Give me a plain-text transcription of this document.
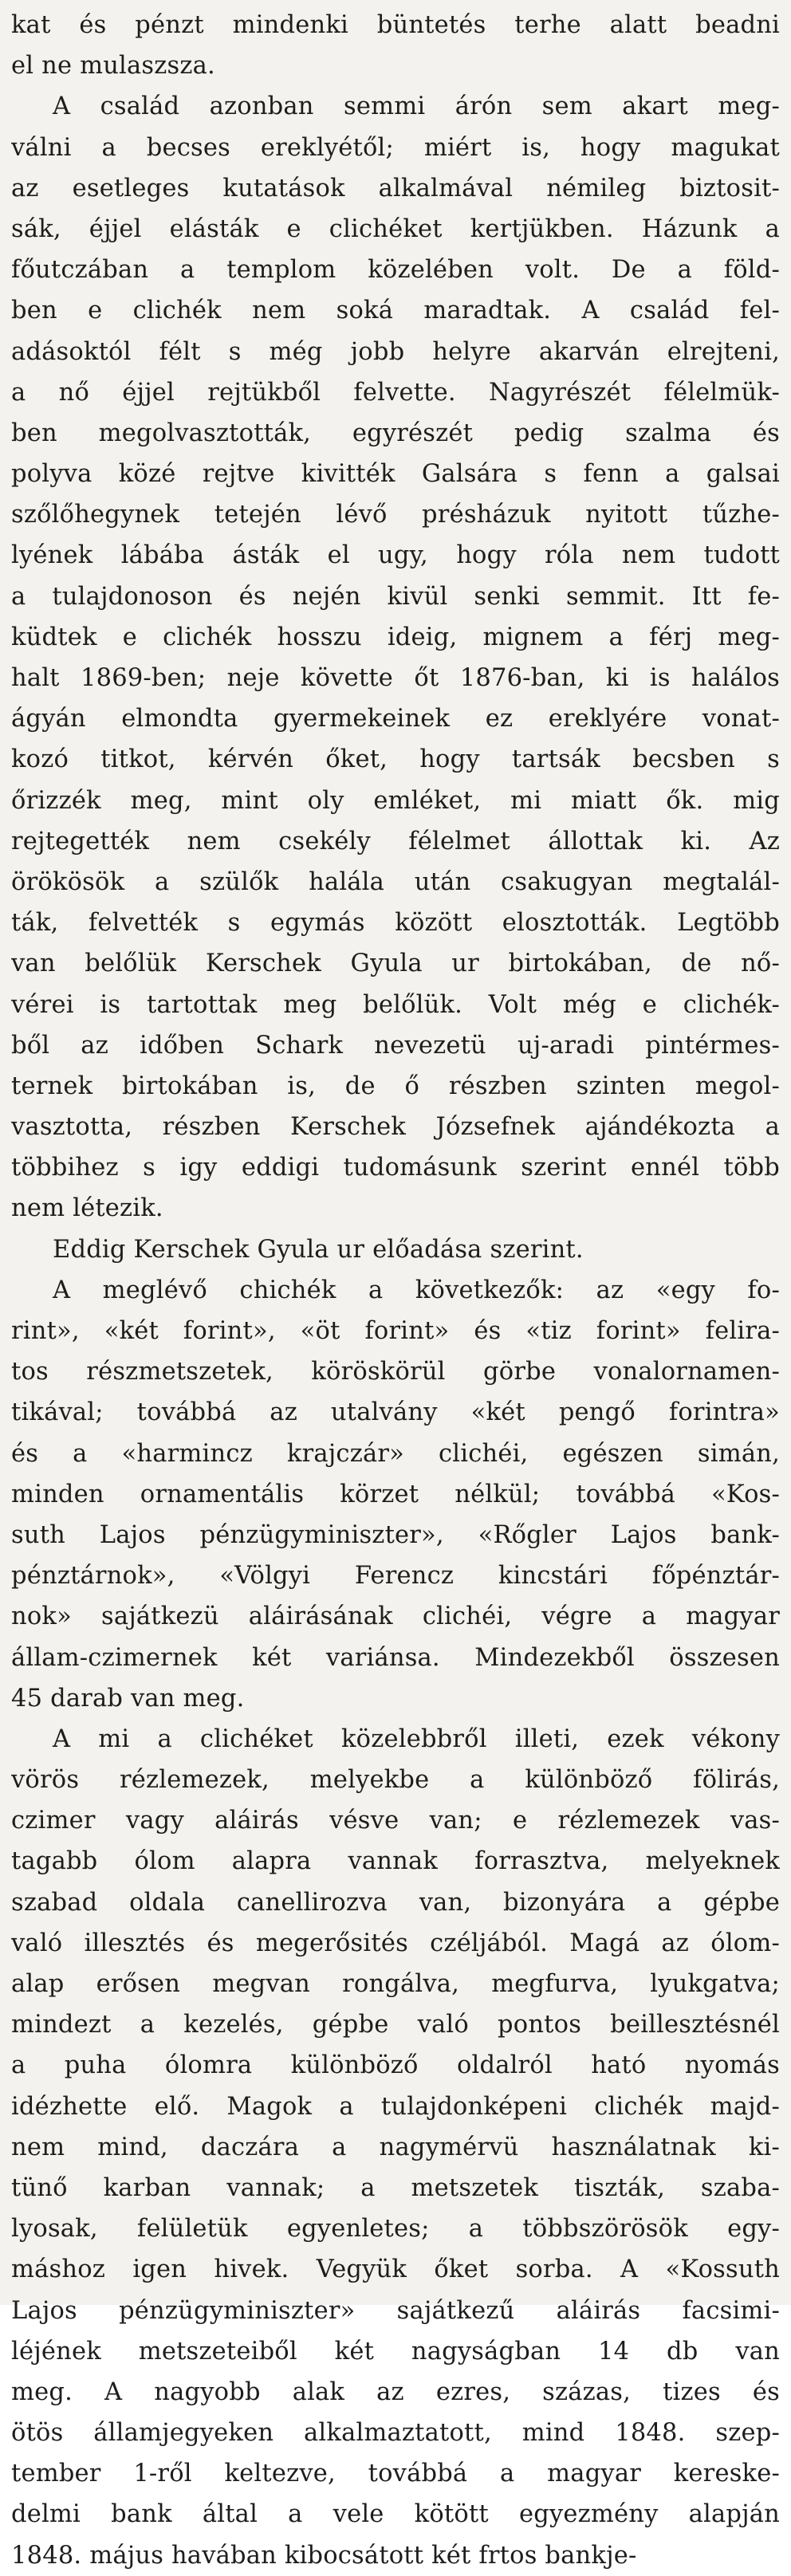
kat és pénzt mindenki büntetés terhe alatt beadni
el ne mulaszsza.
A család azonban semmi árón sem akart meg-
válni a becses ereklyétől; miért is, hogy magukat
az esetleges kutatások alkalmával némileg biztosit-
sák, éjjel elásták e clichéket kertjükben. Házunk a
főutczában a templom közelében volt. De a föld-
ben e clichék nem soká maradtak. A család fel-
adásoktól félt s még jobb helyre akarván elrejteni,
a nő éjjel rejtükből felvette. Nagyrészét félelmük-
ben megolvasztották, egyrészét pedig szalma és
polyva közé rejtve kivitték Galsára s fenn a galsai
szőlőhegynek tetején lévő présházuk nyitott tűzhe-
lyének lábába ásták el ugy, hogy róla nem tudott
a tulajdonoson és nején kivül senki semmit. Itt fe-
küdtek e clichék hosszu ideig, mignem a férj meg-
halt 1869-ben; neje követte őt 1876-ban, ki is halálos
ágyán elmondta gyermekeinek ez ereklyére vonat-
kozó titkot, kérvén őket, hogy tartsák becsben s
őrizzék meg, mint oly emléket, mi miatt ők. mig
rejtegették nem csekély félelmet állottak ki. Az
örökösök a szülők halála után csakugyan megtalál-
ták, felvették s egymás között elosztották. Legtöbb
van belőlük Kerschek Gyula ur birtokában, de nő-
vérei is tartottak meg belőlük. Volt még e clichék-
ből az időben Schark nevezetü uj-aradi pintérmes-
ternek birtokában is, de ő részben szinten megol-
vasztotta, részben Kerschek Józsefnek ajándékozta a
többihez s igy eddigi tudomásunk szerint ennél több
nem létezik.
Eddig Kerschek Gyula ur előadása szerint.
A meglévő chichék a következők: az «egy fo-
rint», «két forint», «öt forint» és «tiz forint» felira-
tos részmetszetek, köröskörül görbe vonalornamen-
tikával; továbbá az utalvány «két pengő forintra»
és a «harmincz krajczár» clichéi, egészen simán,
minden ornamentális körzet nélkül; továbbá «Kos-
suth Lajos pénzügyminiszter», «Rőgler Lajos bank-
pénztárnok», «Völgyi Ferencz kincstári főpénztár-
nok» sajátkezü aláirásának clichéi, végre a magyar
állam-czimernek két variánsa. Mindezekből összesen
45 darab van meg.
A mi a clichéket közelebbről illeti, ezek vékony
vörös rézlemezek, melyekbe a különböző fölirás,
czimer vagy aláirás vésve van; e rézlemezek vas-
tagabb ólom alapra vannak forrasztva, melyeknek
szabad oldala canellirozva van, bizonyára a gépbe
való illesztés és megerősités czéljából. Magá az ólom-
alap erősen megvan rongálva, megfurva, lyukgatva;
mindezt a kezelés, gépbe való pontos beillesztésnél
a puha ólomra különböző oldalról ható nyomás
idézhette elő. Magok a tulajdonképeni clichék majd-
nem mind, daczára a nagymérvü használatnak ki-
tünő karban vannak; a metszetek tiszták, szaba-
lyosak, felületük egyenletes; a többszörösök egy-
máshoz igen hivek. Vegyük őket sorba. A «Kossuth
Lajos pénzügyminiszter» sajátkezű aláirás facsimi-
léjének metszeteiből két nagyságban 14 db van
meg. A nagyobb alak az ezres, százas, tizes és
ötös államjegyeken alkalmaztatott, mind 1848. szep-
tember 1-ről keltezve, továbbá a magyar kereske-
delmi bank által a vele kötött egyezmény alapján
1848. május havában kibocsátott két frtos bankje-
